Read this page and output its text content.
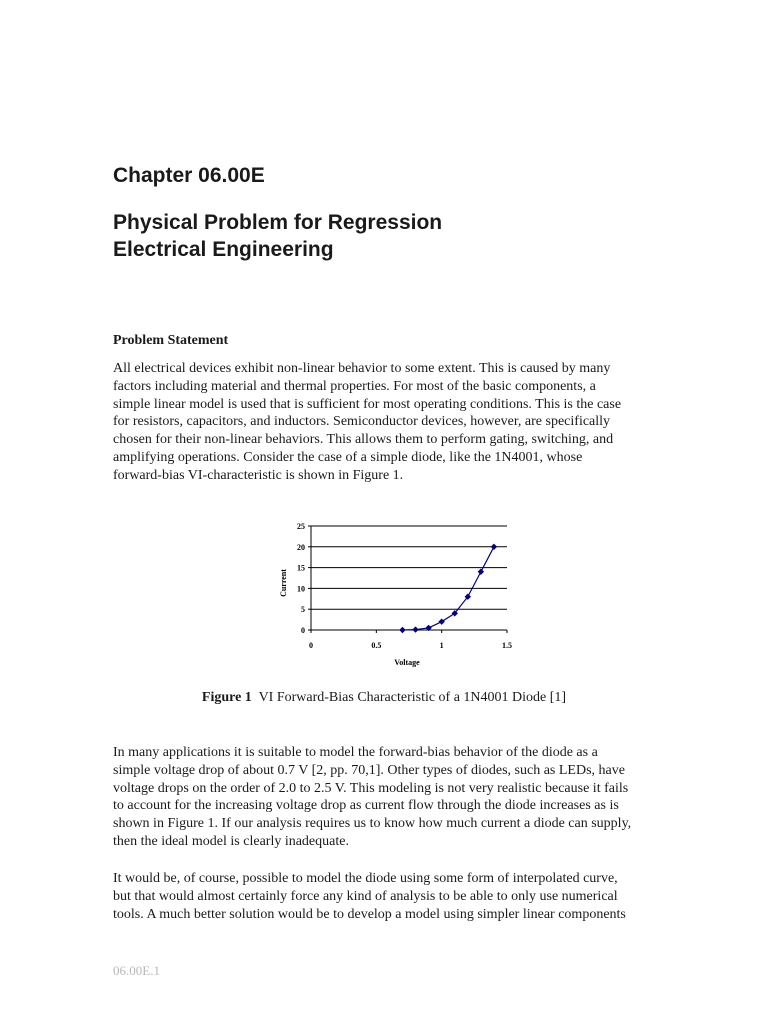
Chapter 06.00E
Physical Problem for Regression
Electrical Engineering
Problem Statement

All electrical devices exhibit non-linear behavior to some extent. This is caused by many
factors including material and thermal properties. For most of the basic components, a
simple linear model is used that is sufficient for most operating conditions. This is the case
for resistors, capacitors, and inductors. Semiconductor devices, however, are specifically
chosen for their non-linear behaviors. This allows them to perform gating, switching, and
amplifying operations. Consider the case of a simple diode, like the 1N4001, whose
forward-bias VI-characteristic is shown in Figure 1.

0
5
10
15
20
25
0	0.5	1	1.5
Voltage
Current
Figure 1 VI Forward-Bias Characteristic of a 1N4001 Diode [1]

In many applications it is suitable to model the forward-bias behavior of the diode as a
simple voltage drop of about 0.7 V [2, pp. 70,1]. Other types of diodes, such as LEDs, have
voltage drops on the order of 2.0 to 2.5 V. This modeling is not very realistic because it fails
to account for the increasing voltage drop as current flow through the diode increases as is
shown in Figure 1. If our analysis requires us to know how much current a diode can supply,
then the ideal model is clearly inadequate.

It would be, of course, possible to model the diode using some form of interpolated curve,
but that would almost certainly force any kind of analysis to be able to only use numerical
tools. A much better solution would be to develop a model using simpler linear components

06.00E.1
